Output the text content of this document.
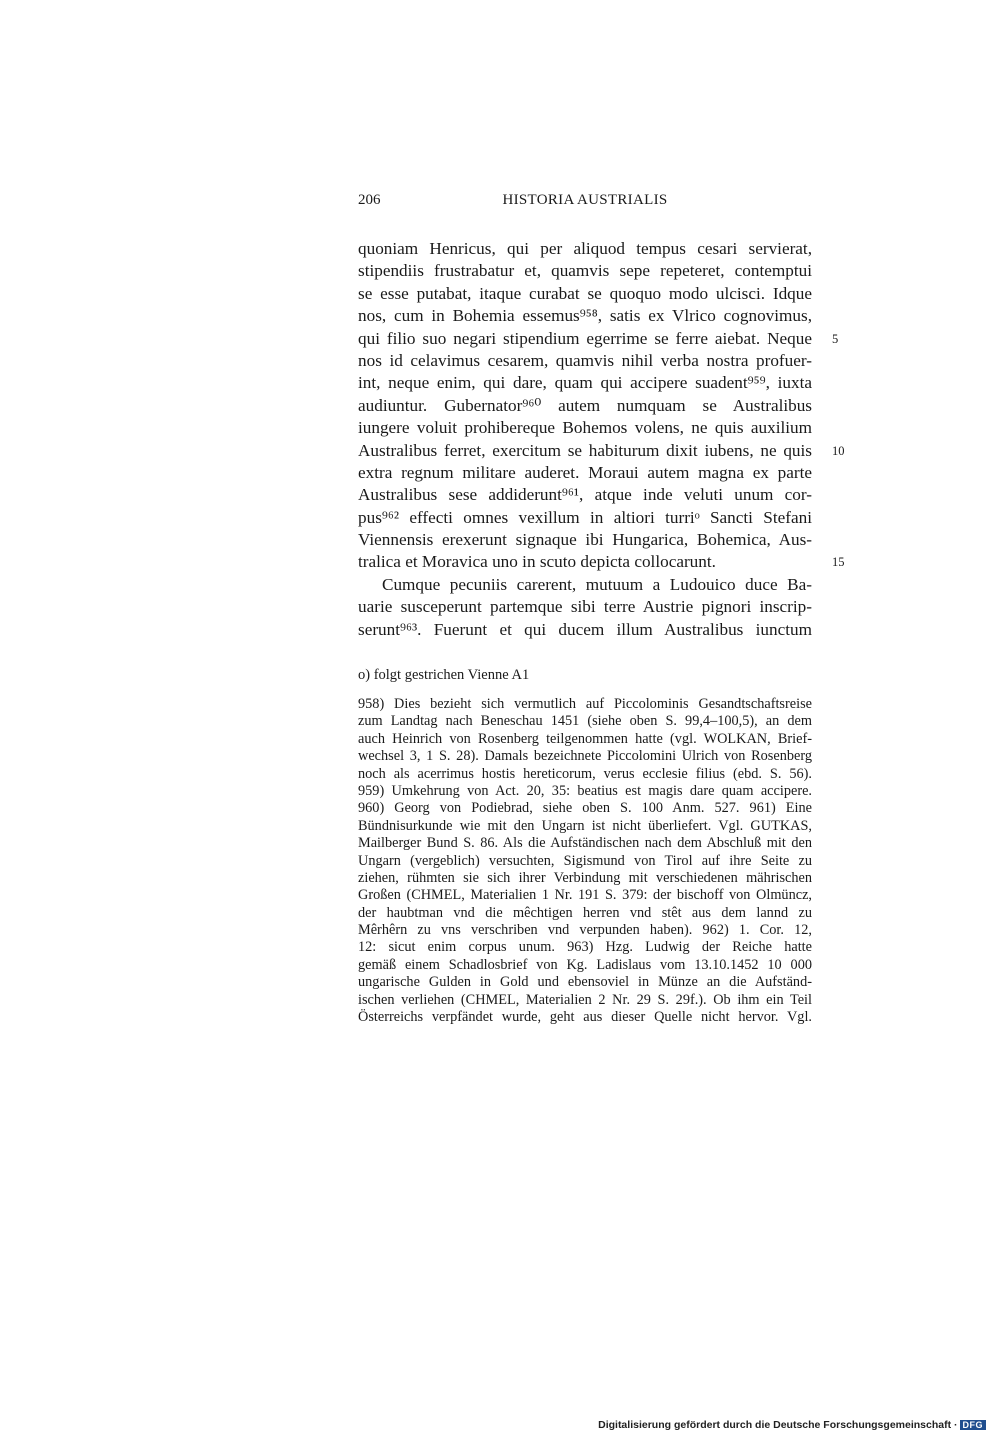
206	HISTORIA AUSTRIALIS
quoniam Henricus, qui per aliquod tempus cesari servierat,
stipendiis frustrabatur et, quamvis sepe repeteret, contemptui
se esse putabat, itaque curabat se quoquo modo ulcisci. Idque
nos, cum in Bohemia essemus⁹⁵⁸, satis ex Vlrico cognovimus,
qui filio suo negari stipendium egerrime se ferre aiebat. Neque 5
nos id celavimus cesarem, quamvis nihil verba nostra profuer-
int, neque enim, qui dare, quam qui accipere suadent⁹⁵⁹, iuxta
audiuntur. Gubernator⁹⁶⁰ autem numquam se Australibus
iungere voluit prohibereque Bohemos volens, ne quis auxilium
Australibus ferret, exercitum se habiturum dixit iubens, ne quis 10
extra regnum militare auderet. Moraui autem magna ex parte
Australibus sese addiderunt⁹⁶¹, atque inde veluti unum cor-
pus⁹⁶² effecti omnes vexillum in altiori turriᵒ Sancti Stefani
Viennensis erexerunt signaque ibi Hungarica, Bohemica, Aus-
tralica et Moravica uno in scuto depicta collocarunt.	15
Cumque pecuniis carerent, mutuum a Ludouico duce Ba-
uarie susceperunt partemque sibi terre Austrie pignori inscrip-
serunt⁹⁶³. Fuerunt et qui ducem illum Australibus iunctum
o) folgt gestrichen Vienne A1
958) Dies bezieht sich vermutlich auf Piccolominis Gesandtschaftsreise
zum Landtag nach Beneschau 1451 (siehe oben S. 99,4–100,5), an dem
auch Heinrich von Rosenberg teilgenommen hatte (vgl. WOLKAN, Brief-
wechsel 3, 1 S. 28). Damals bezeichnete Piccolomini Ulrich von Rosenberg
noch als acerrimus hostis hereticorum, verus ecclesie filius (ebd. S. 56).
959) Umkehrung von Act. 20, 35: beatius est magis dare quam accipere.
960) Georg von Podiebrad, siehe oben S. 100 Anm. 527. 961) Eine
Bündnisurkunde wie mit den Ungarn ist nicht überliefert. Vgl. GUTKAS,
Mailberger Bund S. 86. Als die Aufständischen nach dem Abschluß mit den
Ungarn (vergeblich) versuchten, Sigismund von Tirol auf ihre Seite zu
ziehen, rühmten sie sich ihrer Verbindung mit verschiedenen mährischen
Großen (CHMEL, Materialien 1 Nr. 191 S. 379: der bischoff von Olmüncz,
der haubtman vnd die mêchtigen herren vnd stêt aus dem lannd zu
Mêrhêrn zu vns verschriben vnd verpunden haben). 962) 1. Cor. 12,
12: sicut enim corpus unum. 963) Hzg. Ludwig der Reiche hatte
gemäß einem Schadlosbrief von Kg. Ladislaus vom 13.10.1452 10 000
ungarische Gulden in Gold und ebensoviel in Münze an die Aufständ-
ischen verliehen (CHMEL, Materialien 2 Nr. 29 S. 29f.). Ob ihm ein Teil
Österreichs verpfändet wurde, geht aus dieser Quelle nicht hervor. Vgl.
Digitalisierung gefördert durch die Deutsche Forschungsgemeinschaft · DFG
